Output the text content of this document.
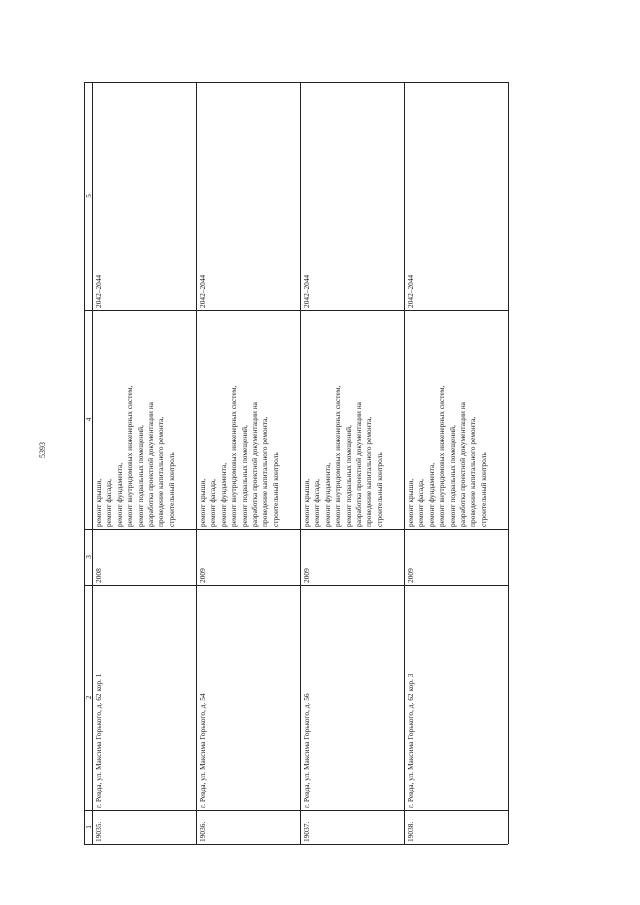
5393
1
2
3
4
5
19035.
г. Ревда, ул. Максима Горького, д. 62 кор. 1
2008
ремонт крыши, ремонт фасада, ремонт фундамента, ремонт внутридомовых инженерных систем, ремонт подвальных помещений, разработка проектной документации на проведение капитального ремонта, строительный контроль
2042–2044
19036.
г. Ревда, ул. Максима Горького, д. 54
2009
ремонт крыши, ремонт фасада, ремонт фундамента, ремонт внутридомовых инженерных систем, ремонт подвальных помещений, разработка проектной документации на проведение капитального ремонта, строительный контроль
2042–2044
19037.
г. Ревда, ул. Максима Горького, д. 56
2009
ремонт крыши, ремонт фасада, ремонт фундамента, ремонт внутридомовых инженерных систем, ремонт подвальных помещений, разработка проектной документации на проведение капитального ремонта, строительный контроль
2042–2044
19038.
г. Ревда, ул. Максима Горького, д. 62 кор. 3
2009
ремонт крыши, ремонт фасада, ремонт фундамента, ремонт внутридомовых инженерных систем, ремонт подвальных помещений, разработка проектной документации на проведение капитального ремонта, строительный контроль
2042–2044
